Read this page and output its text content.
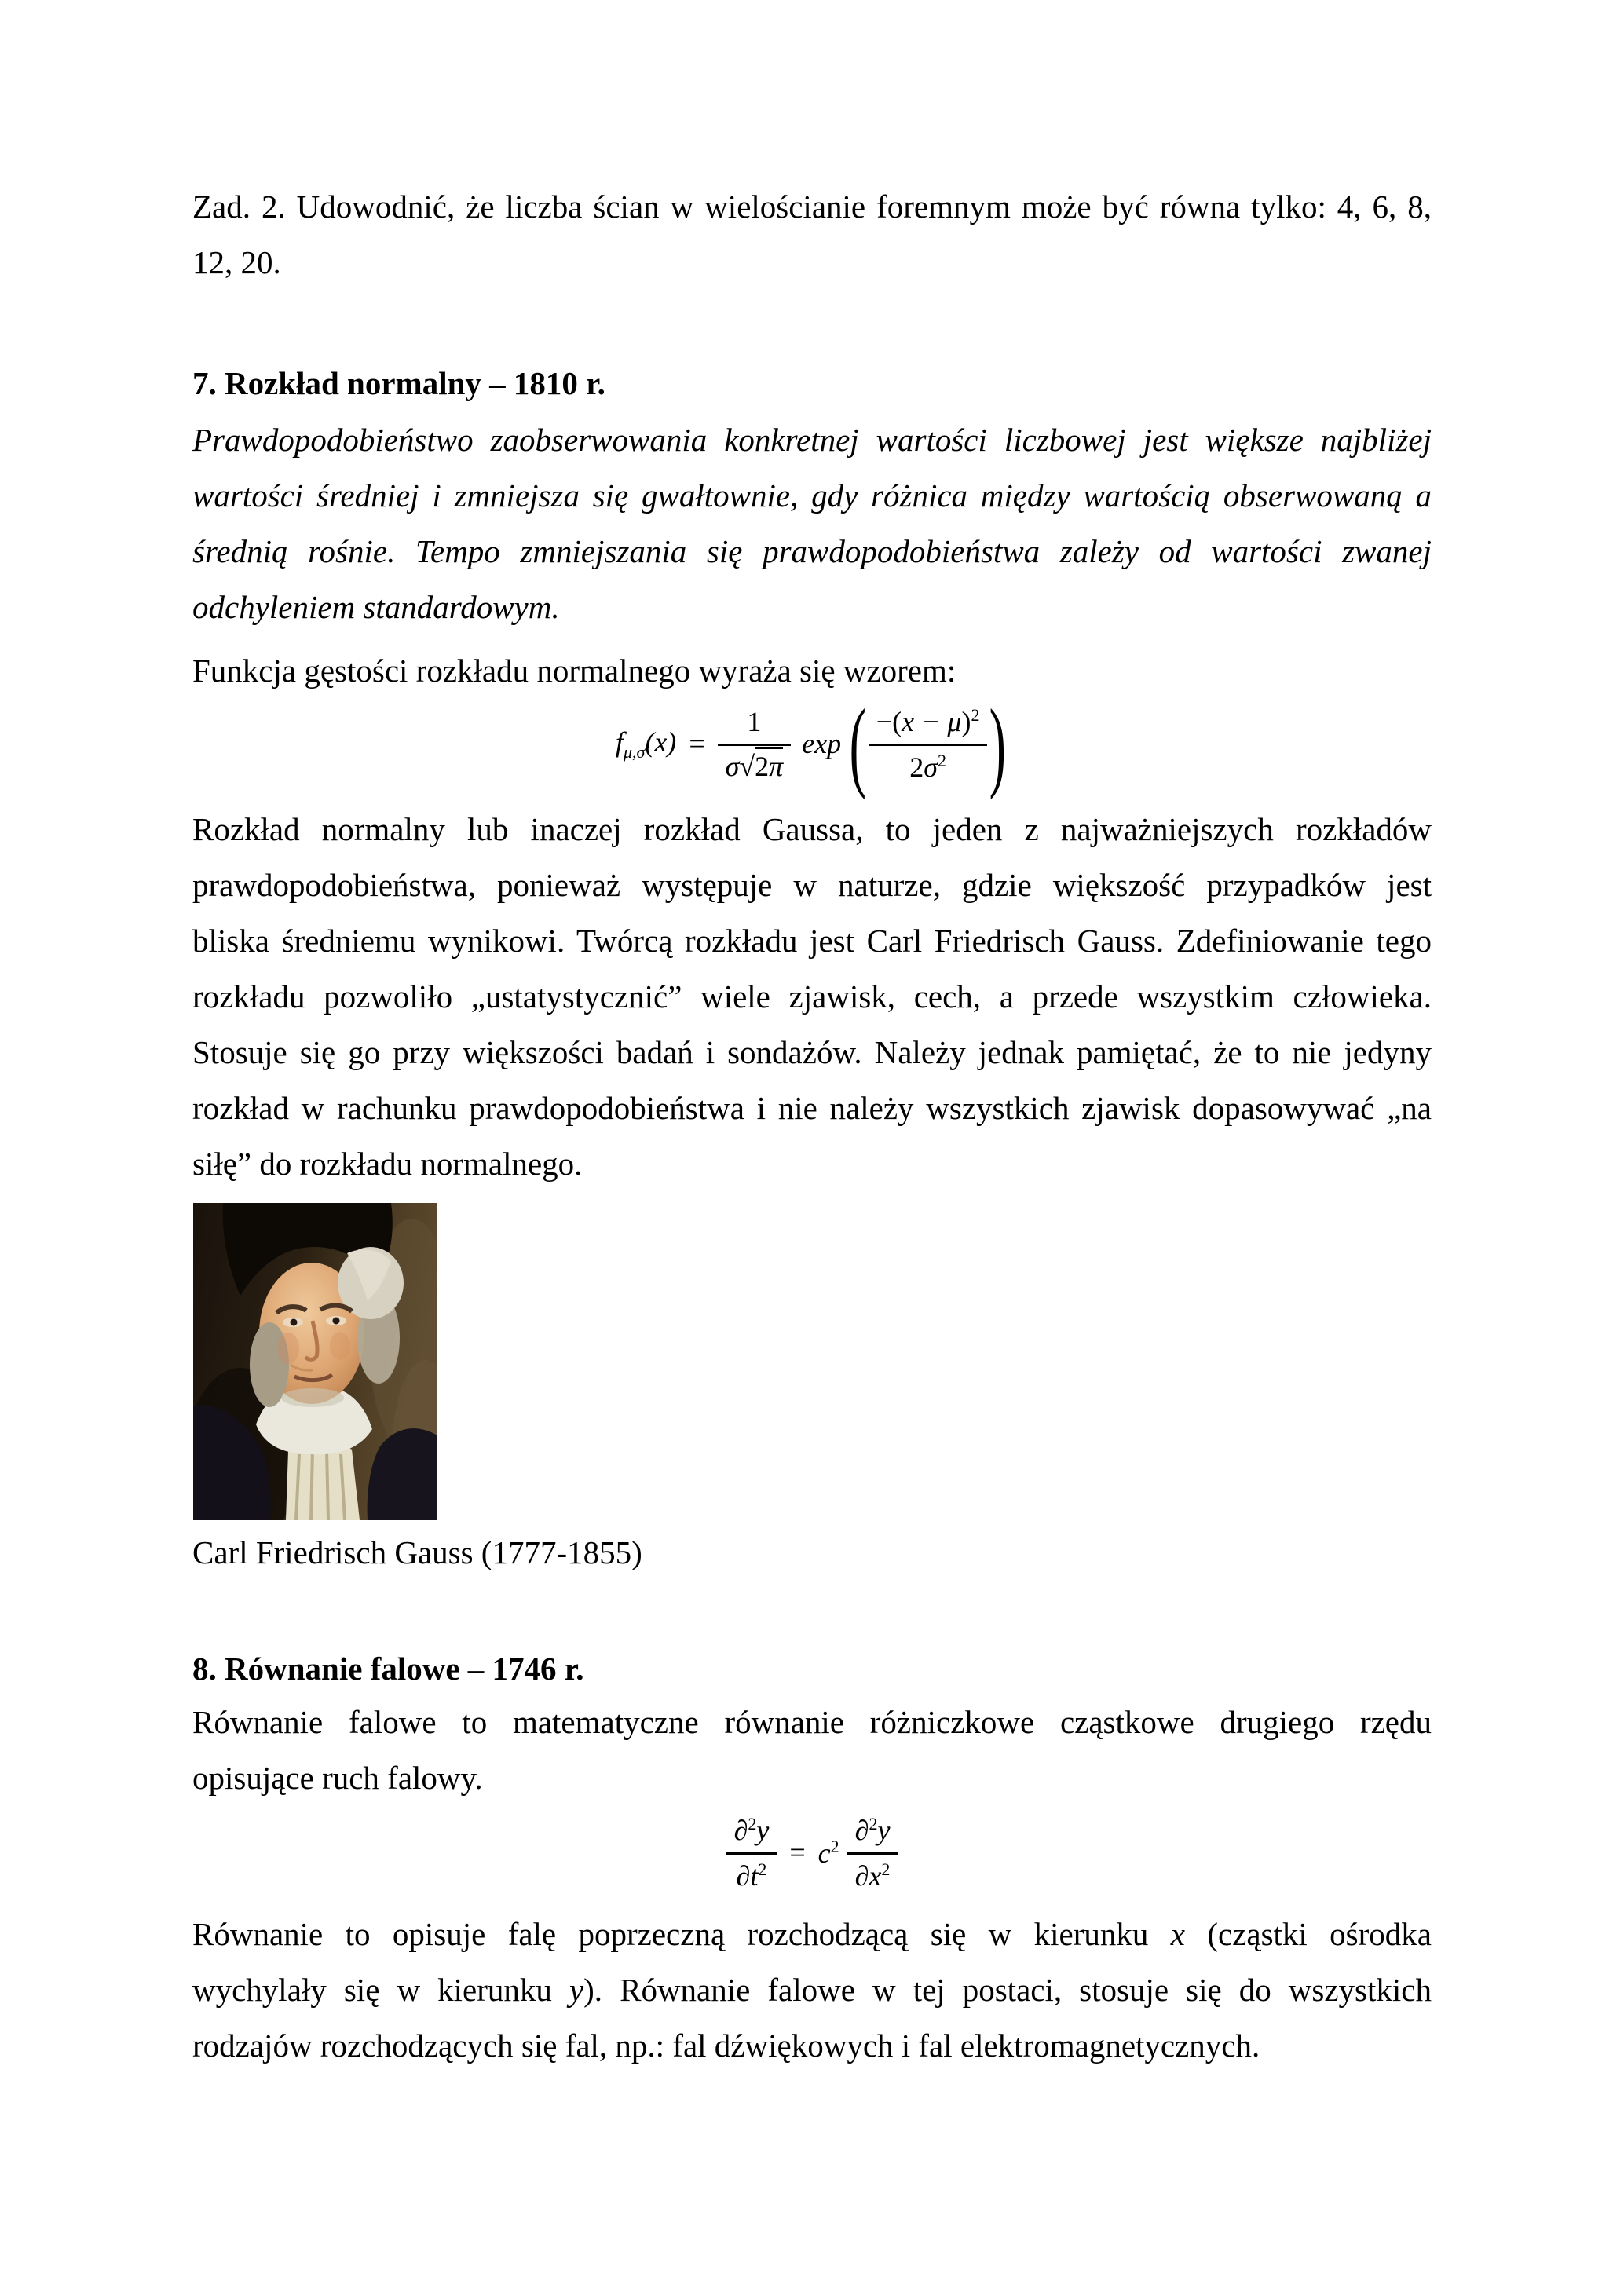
Zad. 2. Udowodnić, że liczba ścian w wielościanie foremnym może być równa tylko: 4, 6, 8,
12, 20.

7. Rozkład normalny – 1810 r.

Prawdopodobieństwo zaobserwowania konkretnej wartości liczbowej jest większe najbliżej
wartości średniej i zmniejsza się gwałtownie, gdy różnica między wartością obserwowaną a
średnią rośnie. Tempo zmniejszania się prawdopodobieństwa zależy od wartości zwanej
odchyleniem standardowym.

Funkcja gęstości rozkładu normalnego wyraża się wzorem:

$f_{\mu,\sigma}(x) = \frac{1}{\sigma√2\pi}$ exp ( $\frac{-(x - \mu)^2}{2\sigma^2}$ )

Rozkład normalny lub inaczej rozkład Gaussa, to jeden z najważniejszych rozkładów
prawdopodobieństwa, ponieważ występuje w naturze, gdzie większość przypadków jest
bliska średniemu wynikowi. Twórcą rozkładu jest Carl Friedrisch Gauss. Zdefiniowanie tego
rozkładu pozwoliło „ustatystycznić” wiele zjawisk, cech, a przede wszystkim człowieka.
Stosuje się go przy większości badań i sondażów. Należy jednak pamiętać, że to nie jedyny
rozkład w rachunku prawdopodobieństwa i nie należy wszystkich zjawisk dopasowywać „na
siłę” do rozkładu normalnego.

Carl Friedrisch Gauss (1777-1855)

8. Równanie falowe – 1746 r.

Równanie falowe to matematyczne równanie różniczkowe cząstkowe drugiego rzędu
opisujące ruch falowy.

$\frac{\partial^2y}{\partial t^2} = c^2 \frac{\partial^2y}{\partial x^2}$

Równanie to opisuje falę poprzeczną rozchodzącą się w kierunku x (cząstki ośrodka
wychylały się w kierunku y). Równanie falowe w tej postaci, stosuje się do wszystkich
rodzajów rozchodzących się fal, np.: fal dźwiękowych i fal elektromagnetycznych.
